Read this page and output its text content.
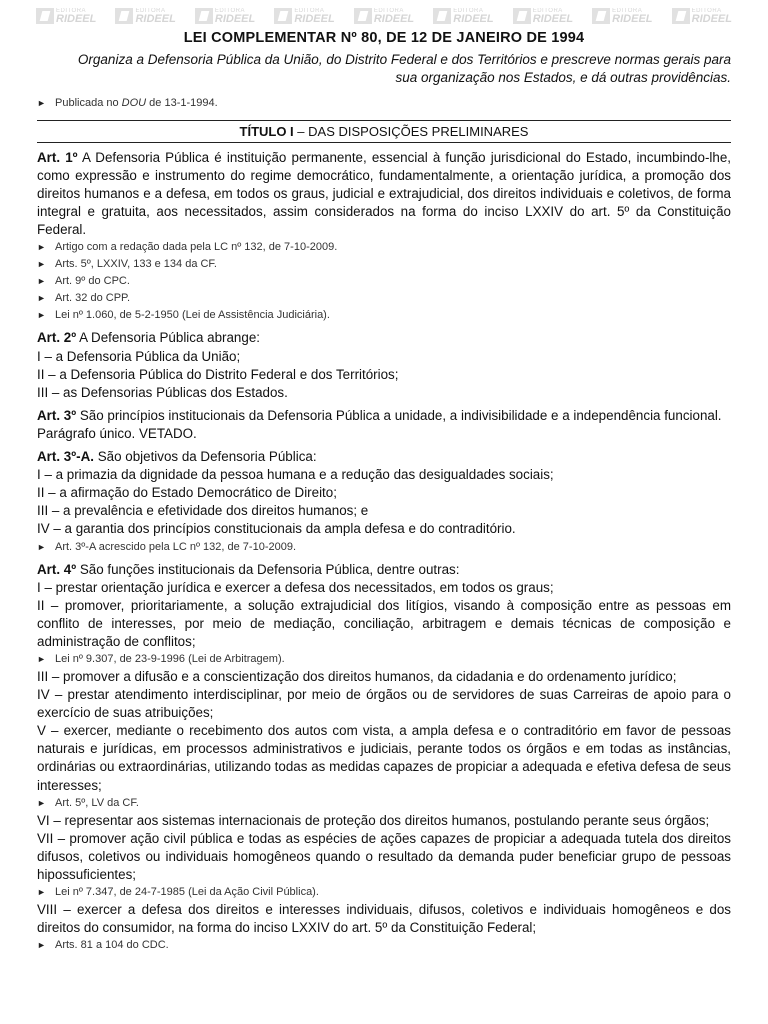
EDITORA
RIDEEL
EDITORA
RIDEEL
EDITORA
RIDEEL
EDITORA
RIDEEL
EDITORA
RIDEEL
EDITORA
RIDEEL
EDITORA
RIDEEL
EDITORA
RIDEEL
EDITORA
RIDEEL
LEI COMPLEMENTAR Nº 80, DE 12 DE JANEIRO DE 1994
Organiza a Defensoria Pública da União, do Distrito Federal e dos Territórios e prescreve normas gerais para
sua organização nos Estados, e dá outras providências.
► Publicada no DOU de 13-1-1994.
TÍTULO I – DAS DISPOSIÇÕES PRELIMINARES

Art. 1º A Defensoria Pública é instituição permanente, essencial à função jurisdicional do Estado, incumbindo-lhe, como expressão e instrumento do regime democrático, fundamentalmente, a orientação jurídica, a promoção dos direitos humanos e a defesa, em todos os graus, judicial e extrajudicial, dos direitos individuais e coletivos, de forma integral e gratuita, aos necessitados, assim considerados na forma do inciso LXXIV do art. 5º da Constituição Federal.

► Artigo com a redação dada pela LC nº 132, de 7-10-2009.
► Arts. 5º, LXXIV, 133 e 134 da CF.
► Art. 9º do CPC.
► Art. 32 do CPP.
► Lei nº 1.060, de 5-2-1950 (Lei de Assistência Judiciária).

Art. 2º A Defensoria Pública abrange:

I – a Defensoria Pública da União;

II – a Defensoria Pública do Distrito Federal e dos Territórios;

III – as Defensorias Públicas dos Estados.

Art. 3º São princípios institucionais da Defensoria Pública a unidade, a indivisibilidade e a independência funcional.

Parágrafo único. VETADO.

Art. 3º-A. São objetivos da Defensoria Pública:

I – a primazia da dignidade da pessoa humana e a redução das desigualdades sociais;

II – a afirmação do Estado Democrático de Direito;

III – a prevalência e efetividade dos direitos humanos; e

IV – a garantia dos princípios constitucionais da ampla defesa e do contraditório.

► Art. 3º-A acrescido pela LC nº 132, de 7-10-2009.

Art. 4º São funções institucionais da Defensoria Pública, dentre outras:

I – prestar orientação jurídica e exercer a defesa dos necessitados, em todos os graus;

II – promover, prioritariamente, a solução extrajudicial dos litígios, visando à composição entre as pessoas em conflito de interesses, por meio de mediação, conciliação, arbitragem e demais técnicas de composição e administração de conflitos;

► Lei nº 9.307, de 23-9-1996 (Lei de Arbitragem).

III – promover a difusão e a conscientização dos direitos humanos, da cidadania e do ordenamento jurídico;

IV – prestar atendimento interdisciplinar, por meio de órgãos ou de servidores de suas Carreiras de apoio para o exercício de suas atribuições;

V – exercer, mediante o recebimento dos autos com vista, a ampla defesa e o contraditório em favor de pessoas naturais e jurídicas, em processos administrativos e judiciais, perante todos os órgãos e em todas as instâncias, ordinárias ou extraordinárias, utilizando todas as medidas capazes de propiciar a adequada e efetiva defesa de seus interesses;

► Art. 5º, LV da CF.

VI – representar aos sistemas internacionais de proteção dos direitos humanos, postulando perante seus órgãos;

VII – promover ação civil pública e todas as espécies de ações capazes de propiciar a adequada tutela dos direitos difusos, coletivos ou individuais homogêneos quando o resultado da demanda puder beneficiar grupo de pessoas hipossuficientes;

► Lei nº 7.347, de 24-7-1985 (Lei da Ação Civil Pública).

VIII – exercer a defesa dos direitos e interesses individuais, difusos, coletivos e individuais homogêneos e dos direitos do consumidor, na forma do inciso LXXIV do art. 5º da Constituição Federal;

► Arts. 81 a 104 do CDC.
